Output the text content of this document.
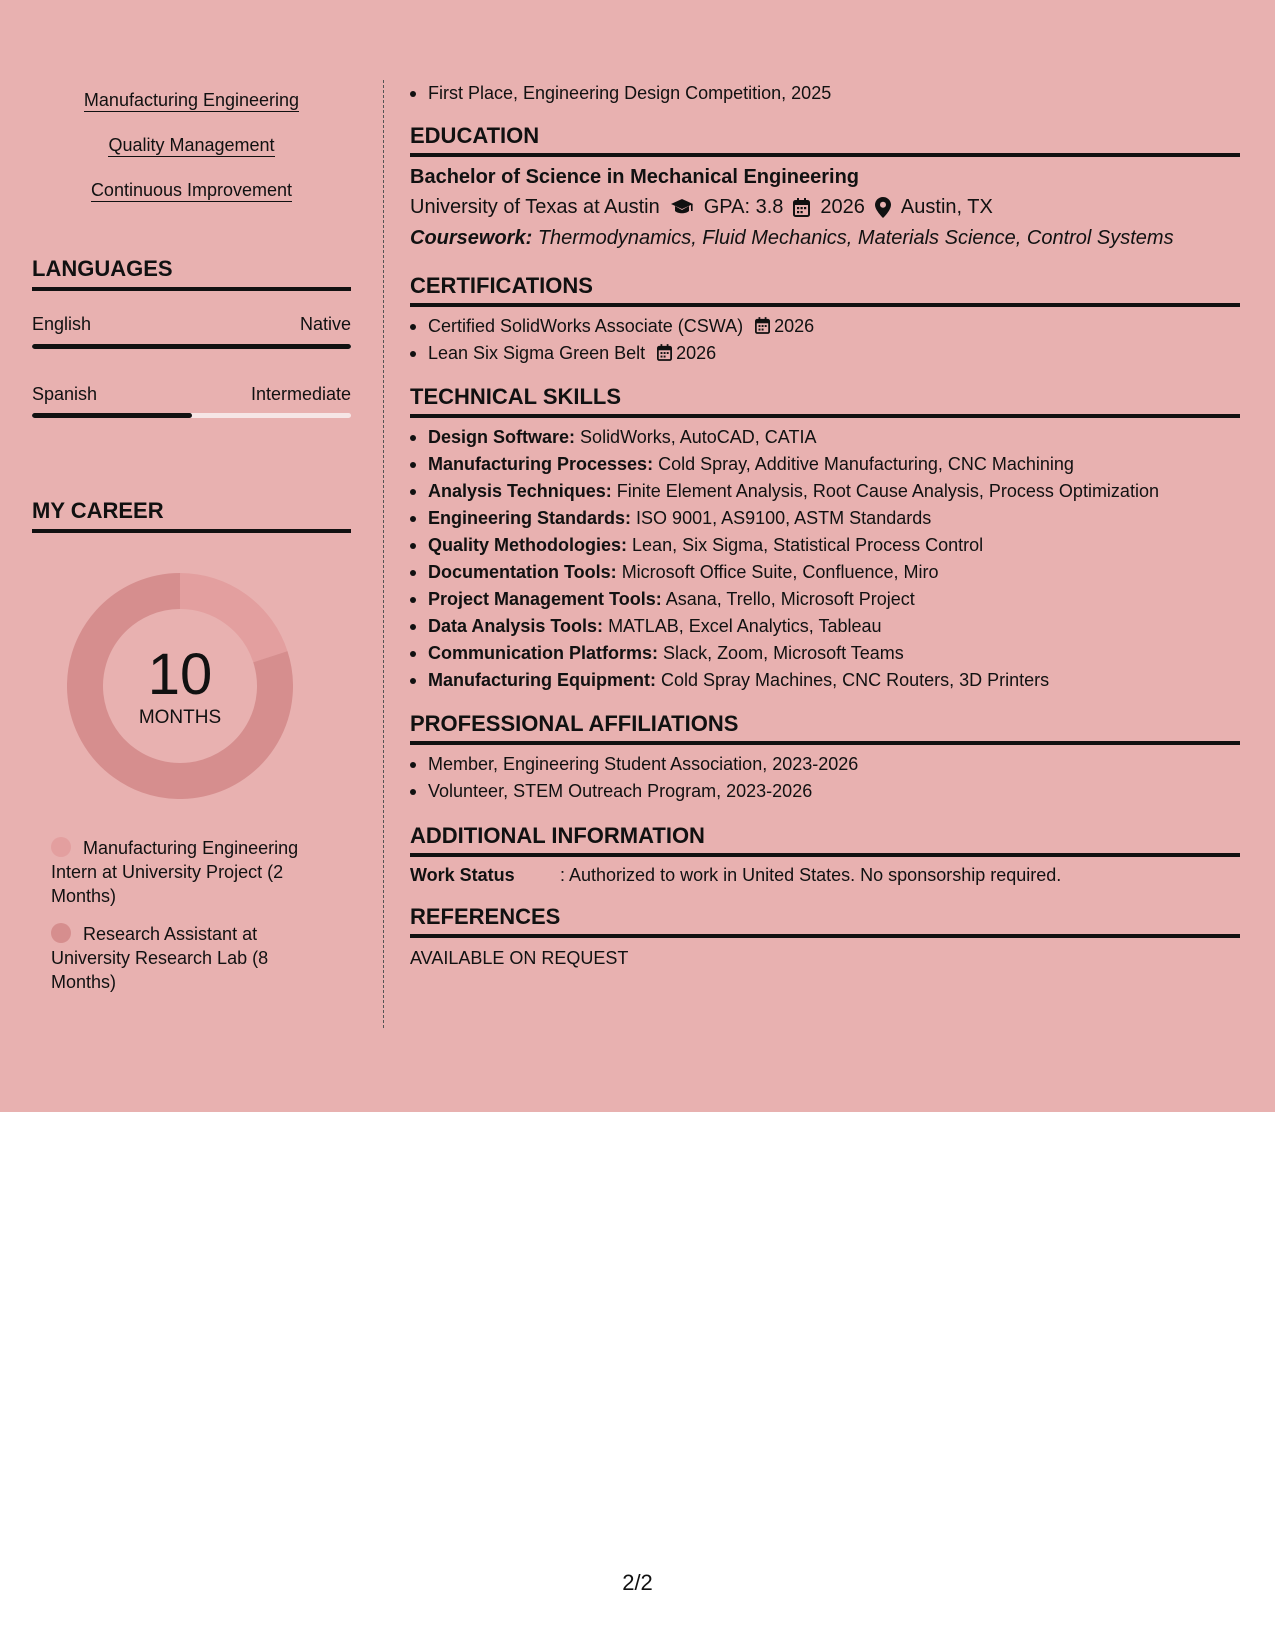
Manufacturing Engineering
Quality Management
Continuous Improvement
LANGUAGES
English	Native
Spanish	Intermediate
MY CAREER
10
MONTHS
Manufacturing Engineering Intern at University Project (2 Months)
Research Assistant at University Research Lab (8 Months)
First Place, Engineering Design Competition, 2025
EDUCATION
Bachelor of Science in Mechanical Engineering
University of Texas at Austin GPA: 3.8 2026 Austin, TX
Coursework: Thermodynamics, Fluid Mechanics, Materials Science, Control Systems
CERTIFICATIONS
Certified SolidWorks Associate (CSWA) 2026
Lean Six Sigma Green Belt 2026
TECHNICAL SKILLS
Design Software: SolidWorks, AutoCAD, CATIA
Manufacturing Processes: Cold Spray, Additive Manufacturing, CNC Machining
Analysis Techniques: Finite Element Analysis, Root Cause Analysis, Process Optimization
Engineering Standards: ISO 9001, AS9100, ASTM Standards
Quality Methodologies: Lean, Six Sigma, Statistical Process Control
Documentation Tools: Microsoft Office Suite, Confluence, Miro
Project Management Tools: Asana, Trello, Microsoft Project
Data Analysis Tools: MATLAB, Excel Analytics, Tableau
Communication Platforms: Slack, Zoom, Microsoft Teams
Manufacturing Equipment: Cold Spray Machines, CNC Routers, 3D Printers
PROFESSIONAL AFFILIATIONS
Member, Engineering Student Association, 2023-2026
Volunteer, STEM Outreach Program, 2023-2026
ADDITIONAL INFORMATION
Work Status	: Authorized to work in United States. No sponsorship required.
REFERENCES
AVAILABLE ON REQUEST
2/2
